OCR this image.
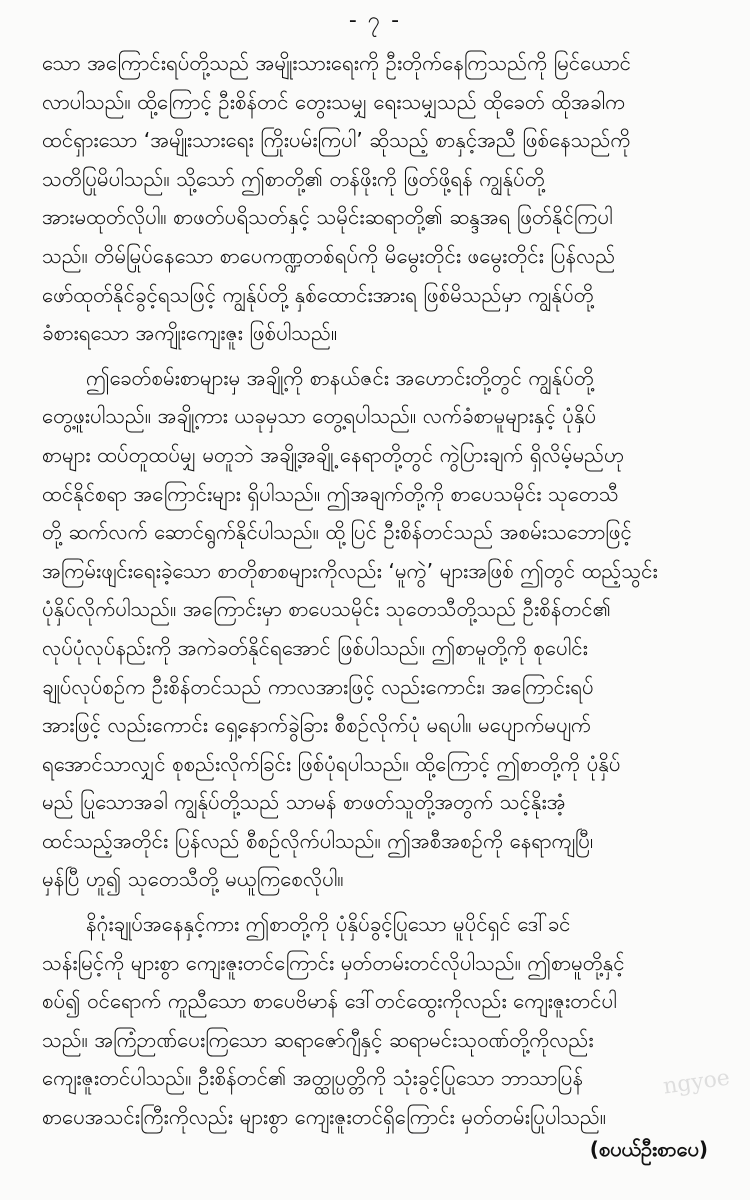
- ၇ -
သော အကြောင်းရပ်တို့သည် အမျိုးသားရေးကို ဦးတိုက်နေကြသည်ကို မြင်ယောင်
လာပါသည်။ ထို့ကြောင့် ဦးစိန်တင် တွေးသမျှ ရေးသမျှသည် ထိုခေတ် ထိုအခါက
ထင်ရှားသော ‘အမျိုးသားရေး ကြိုးပမ်းကြပါ’ ဆိုသည့် စာနှင့်အညီ ဖြစ်နေသည်ကို
သတိပြုမိပါသည်။ သို့သော် ဤစာတို့၏ တန်ဖိုးကို ဖြတ်ဖို့ရန် ကျွန်ုပ်တို့
အားမထုတ်လိုပါ။ စာဖတ်ပရိသတ်နှင့် သမိုင်းဆရာတို့၏ ဆန္ဒအရ ဖြတ်နိုင်ကြပါ
သည်။ တိမ်မြုပ်နေသော စာပေကဏ္ဍတစ်ရပ်ကို မိမွေးတိုင်း ဖမွေးတိုင်း ပြန်လည်
ဖော်ထုတ်နိုင်ခွင့်ရသဖြင့် ကျွန်ုပ်တို့ နှစ်ထောင်းအားရ ဖြစ်မိသည်မှာ ကျွန်ုပ်တို့
ခံစားရသော အကျိုးကျေးဇူး ဖြစ်ပါသည်။
ဤခေတ်စမ်းစာများမှ အချို့ကို စာနယ်ဇင်း အဟောင်းတို့တွင် ကျွန်ုပ်တို့
တွေ့ဖူးပါသည်။ အချို့ကား ယခုမှသာ တွေ့ရပါသည်။ လက်ခံစာမူများနှင့် ပုံနှိပ်
စာများ ထပ်တူထပ်မျှ မတူဘဲ အချို့အချို့ နေရာတို့တွင် ကွဲပြားချက် ရှိလိမ့်မည်ဟု
ထင်နိုင်စရာ အကြောင်းများ ရှိပါသည်။ ဤအချက်တို့ကို စာပေသမိုင်း သုတေသီ
တို့ ဆက်လက် ဆောင်ရွက်နိုင်ပါသည်။ ထို့ပြင် ဦးစိန်တင်သည် အစမ်းသဘောဖြင့်
အကြမ်းဖျင်းရေးခဲ့သော စာတိုစာစများကိုလည်း ‘မူကွဲ’ များအဖြစ် ဤတွင် ထည့်သွင်း
ပုံနှိပ်လိုက်ပါသည်။ အကြောင်းမှာ စာပေသမိုင်း သုတေသီတို့သည် ဦးစိန်တင်၏
လုပ်ပုံလုပ်နည်းကို အကဲခတ်နိုင်ရအောင် ဖြစ်ပါသည်။ ဤစာမူတို့ကို စုပေါင်း
ချုပ်လုပ်စဉ်က ဦးစိန်တင်သည် ကာလအားဖြင့် လည်းကောင်း၊ အကြောင်းရပ်
အားဖြင့် လည်းကောင်း ရှေ့နောက်ခွဲခြား စီစဉ်လိုက်ပုံ မရပါ။ မပျောက်မပျက်
ရအောင်သာလျှင် စုစည်းလိုက်ခြင်း ဖြစ်ပုံရပါသည်။ ထို့ကြောင့် ဤစာတို့ကို ပုံနှိပ်
မည် ပြုသောအခါ ကျွန်ုပ်တို့သည် သာမန် စာဖတ်သူတို့အတွက် သင့်နိုးအံ့
ထင်သည့်အတိုင်း ပြန်လည် စီစဉ်လိုက်ပါသည်။ ဤအစီအစဉ်ကို နေရာကျပြီ၊
မှန်ပြီ ဟူ၍ သုတေသီတို့ မယူကြစေလိုပါ။
နိဂုံးချုပ်အနေနှင့်ကား ဤစာတို့ကို ပုံနှိပ်ခွင့်ပြုသော မူပိုင်ရှင် ဒေါ်ခင်
သန်းမြင့်ကို များစွာ ကျေးဇူးတင်ကြောင်း မှတ်တမ်းတင်လိုပါသည်။ ဤစာမူတို့နှင့်
စပ်၍ ဝင်ရောက် ကူညီသော စာပေဗိမာန် ဒေါ်တင်ထွေးကိုလည်း ကျေးဇူးတင်ပါ
သည်။ အကြံဉာဏ်ပေးကြသော ဆရာဇော်ဂျီနှင့် ဆရာမင်းသုဝဏ်တို့ကိုလည်း
ကျေးဇူးတင်ပါသည်။ ဦးစိန်တင်၏ အတ္ထုပ္ပတ္တိကို သုံးခွင့်ပြုသော ဘာသာပြန်
စာပေအသင်းကြီးကိုလည်း များစွာ ကျေးဇူးတင်ရှိကြောင်း မှတ်တမ်းပြုပါသည်။
ngyoe
(စပယ်ဦးစာပေ)
